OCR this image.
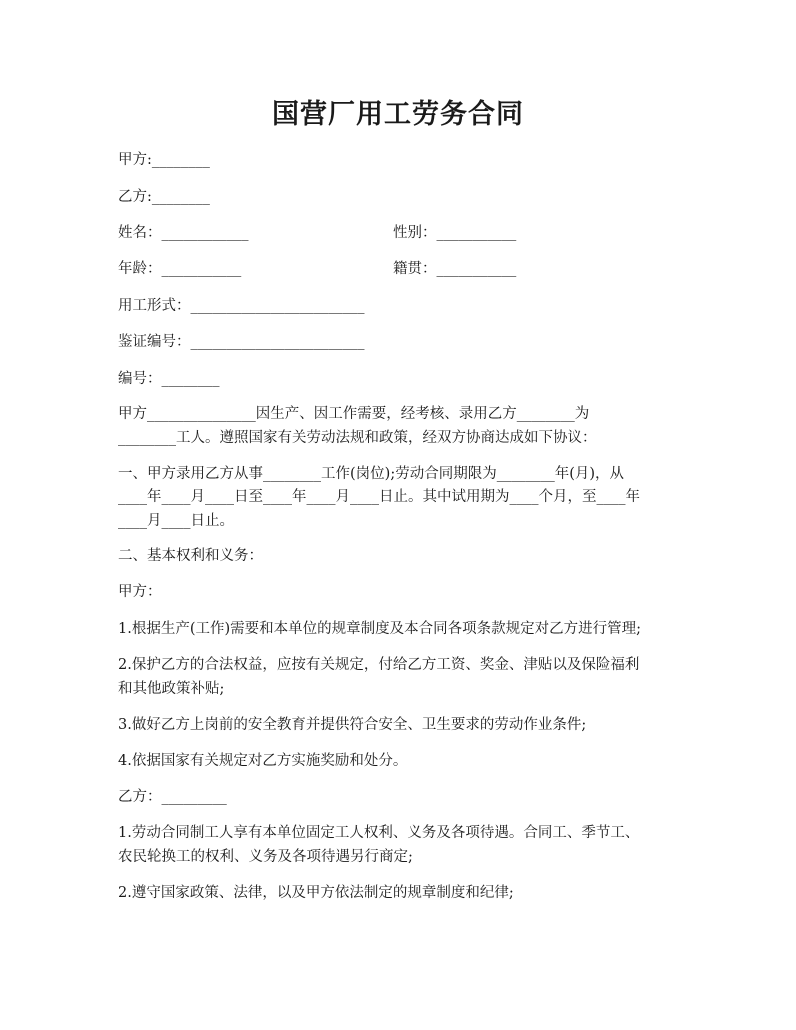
国营厂用工劳务合同

甲方:________

乙方:________

姓名：____________	性别：___________
年龄：___________	籍贯：___________

用工形式：________________________

鉴证编号：________________________

编号：________

甲方_______________因生产、因工作需要，经考核、录用乙方________为

________工人。遵照国家有关劳动法规和政策，经双方协商达成如下协议：

一、甲方录用乙方从事________工作(岗位);劳动合同期限为________年(月)，从

____年____月____日至____年____月____日止。其中试用期为____个月，至____年

____月____日止。

二、基本权利和义务：

甲方：

1.根据生产(工作)需要和本单位的规章制度及本合同各项条款规定对乙方进行管理;

2.保护乙方的合法权益，应按有关规定，付给乙方工资、奖金、津贴以及保险福利

和其他政策补贴;

3.做好乙方上岗前的安全教育并提供符合安全、卫生要求的劳动作业条件;

4.依据国家有关规定对乙方实施奖励和处分。

乙方：_________

1.劳动合同制工人享有本单位固定工人权利、义务及各项待遇。合同工、季节工、

农民轮换工的权利、义务及各项待遇另行商定;

2.遵守国家政策、法律，以及甲方依法制定的规章制度和纪律;
